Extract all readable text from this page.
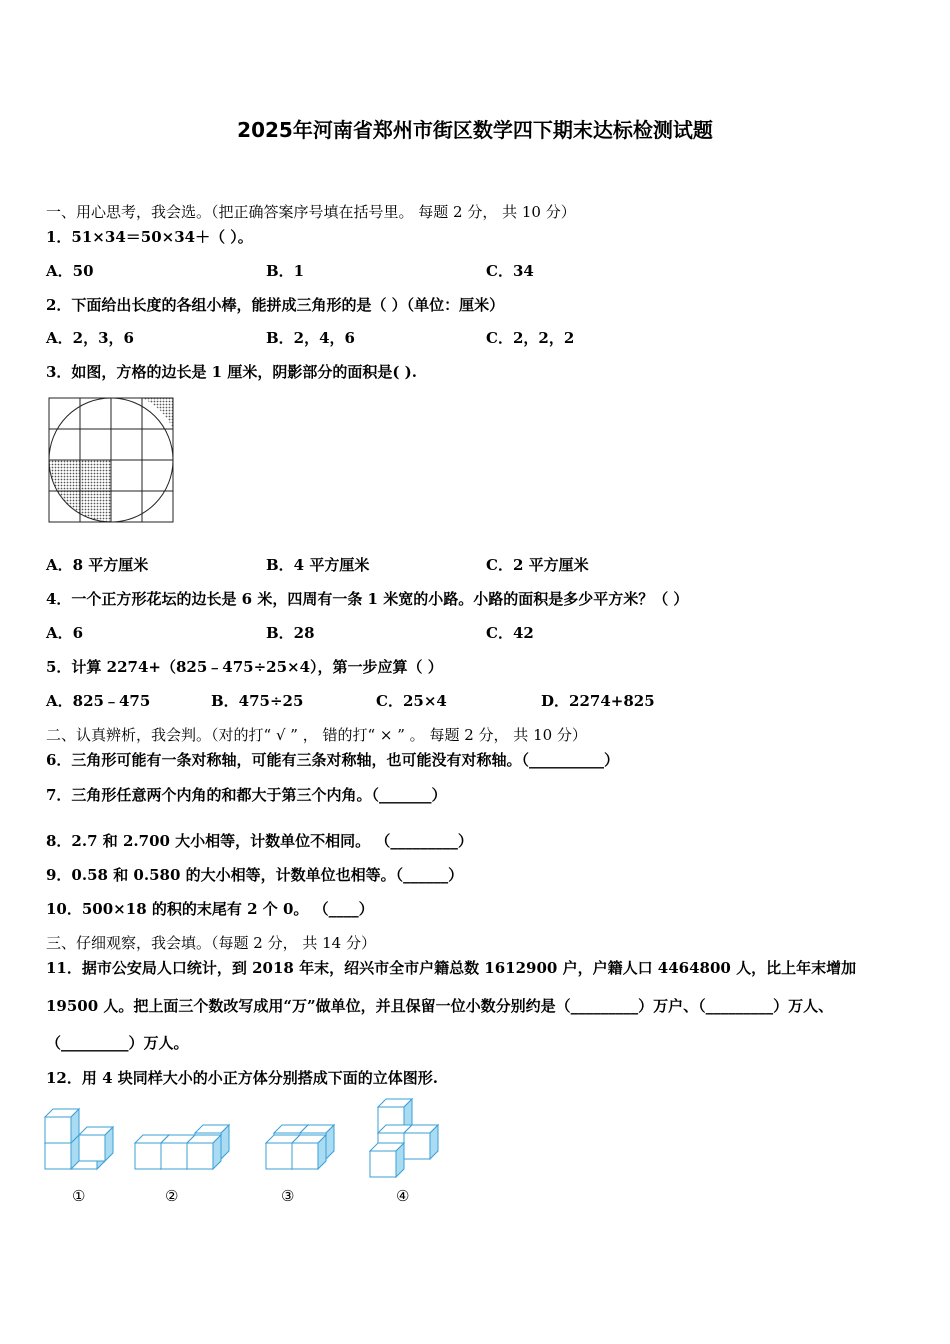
2025年河南省郑州市街区数学四下期末达标检测试题
一、用心思考，我会选。（把正确答案序号填在括号里。 每题 2 分， 共 10 分）
1．51×34＝50×34＋（ ）。
A．50	B．1	C．34
2．下面给出长度的各组小棒，能拼成三角形的是（ ）（单位：厘米）
A．2，3，6	B．2，4，6	C．2，2，2
3．如图，方格的边长是 1 厘米，阴影部分的面积是( ).
A．8 平方厘米	B．4 平方厘米	C．2 平方厘米
4．一个正方形花坛的边长是 6 米，四周有一条 1 米宽的小路。小路的面积是多少平方米？（ ）
A．6	B．28	C．42
5．计算 2274+（825﹣475÷25×4），第一步应算（ ）
A．825﹣475	B．475÷25	C．25×4	D．2274+825
二、认真辨析，我会判。（对的打“ √ ” ， 错的打“ × ” 。 每题 2 分， 共 10 分）
6．三角形可能有一条对称轴，可能有三条对称轴，也可能没有对称轴。（__________）
7．三角形任意两个内角的和都大于第三个内角。（_______）
8．2.7 和 2.700 大小相等，计数单位不相同。 （_________）
9．0.58 和 0.580 的大小相等，计数单位也相等。（______）
10．500×18 的积的末尾有 2 个 0。 （____）
三、仔细观察，我会填。（每题 2 分， 共 14 分）
11．据市公安局人口统计，到 2018 年末，绍兴市全市户籍总数 1612900 户，户籍人口 4464800 人，比上年末增加
19500 人。把上面三个数改写成用“万”做单位，并且保留一位小数分别约是（_________）万户、（_________）万人、
（_________）万人。
12．用 4 块同样大小的小正方体分别搭成下面的立体图形.
①	②	③	④
